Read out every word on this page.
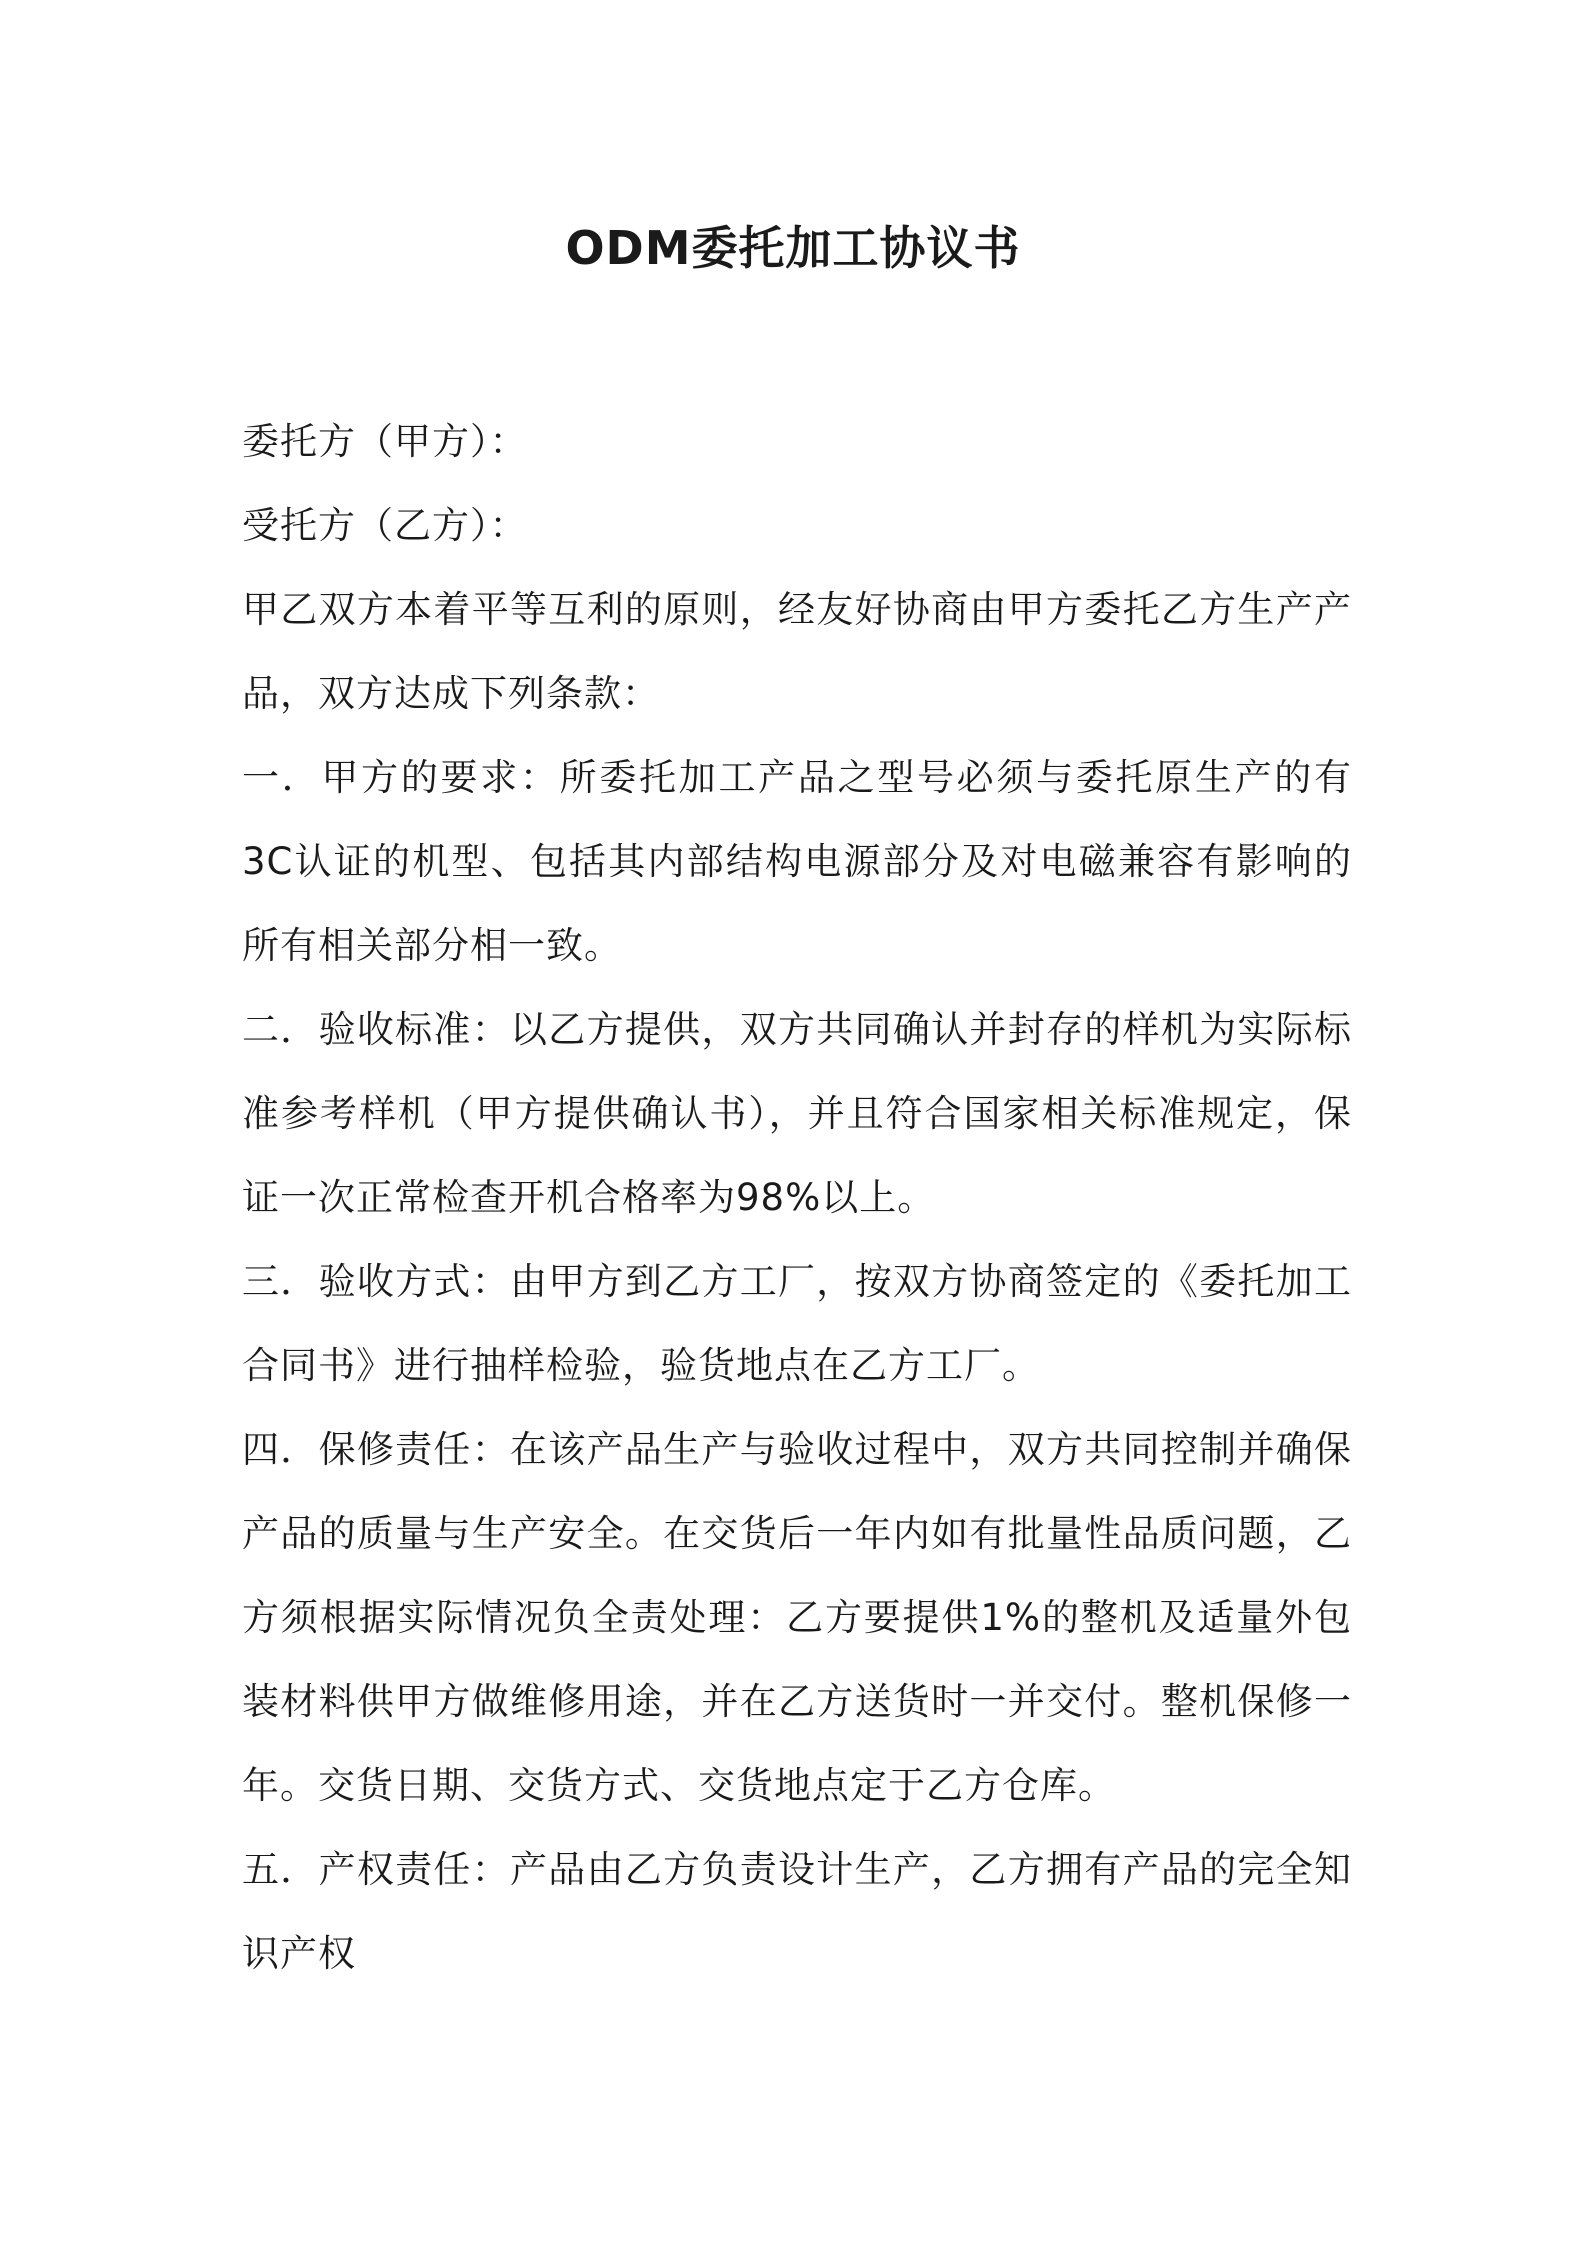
ODM委托加工协议书

委托方（甲方）：

受托方（乙方）：

甲乙双方本着平等互利的原则，经友好协商由甲方委托乙方生产产品，双方达成下列条款：

一．甲方的要求：所委托加工产品之型号必须与委托原生产的有3C认证的机型、包括其内部结构电源部分及对电磁兼容有影响的所有相关部分相一致。

二．验收标准：以乙方提供，双方共同确认并封存的样机为实际标准参考样机（甲方提供确认书），并且符合国家相关标准规定，保证一次正常检查开机合格率为98%以上。

三．验收方式：由甲方到乙方工厂，按双方协商签定的《委托加工合同书》进行抽样检验，验货地点在乙方工厂。

四．保修责任：在该产品生产与验收过程中，双方共同控制并确保产品的质量与生产安全。在交货后一年内如有批量性品质问题，乙方须根据实际情况负全责处理：乙方要提供1%的整机及适量外包装材料供甲方做维修用途，并在乙方送货时一并交付。整机保修一年。交货日期、交货方式、交货地点定于乙方仓库。

五．产权责任：产品由乙方负责设计生产，乙方拥有产品的完全知识产权
